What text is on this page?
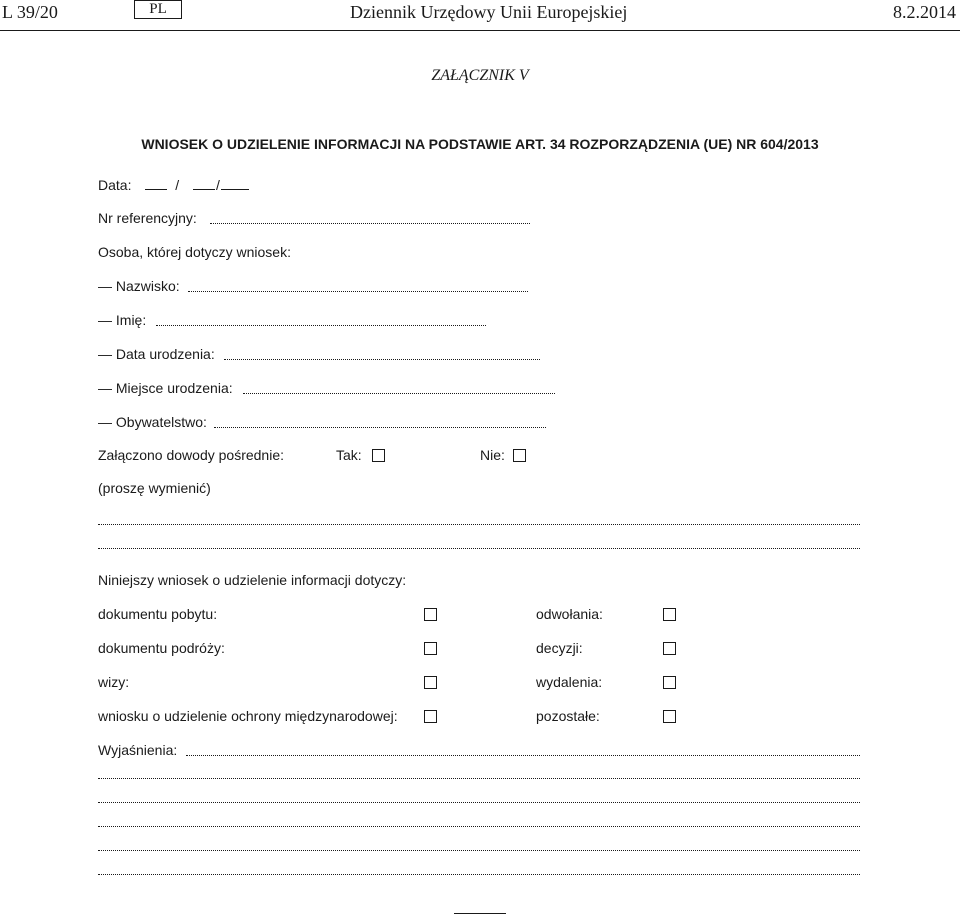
L 39/20	PL	Dziennik Urzędowy Unii Europejskiej	8.2.2014
ZAŁĄCZNIK V
WNIOSEK O UDZIELENIE INFORMACJI NA PODSTAWIE ART. 34 ROZPORZĄDZENIA (UE) NR 604/2013
Data:	/	/
Nr referencyjny:
Osoba, której dotyczy wniosek:
— Nazwisko:
— Imię:
— Data urodzenia:
— Miejsce urodzenia:
— Obywatelstwo:
Załączono dowody pośrednie:	Tak:	Nie:
(proszę wymienić)
Niniejszy wniosek o udzielenie informacji dotyczy:
dokumentu pobytu:	odwołania:
dokumentu podróży:	decyzji:
wizy:	wydalenia:
wniosku o udzielenie ochrony międzynarodowej:	pozostałe:
Wyjaśnienia:
